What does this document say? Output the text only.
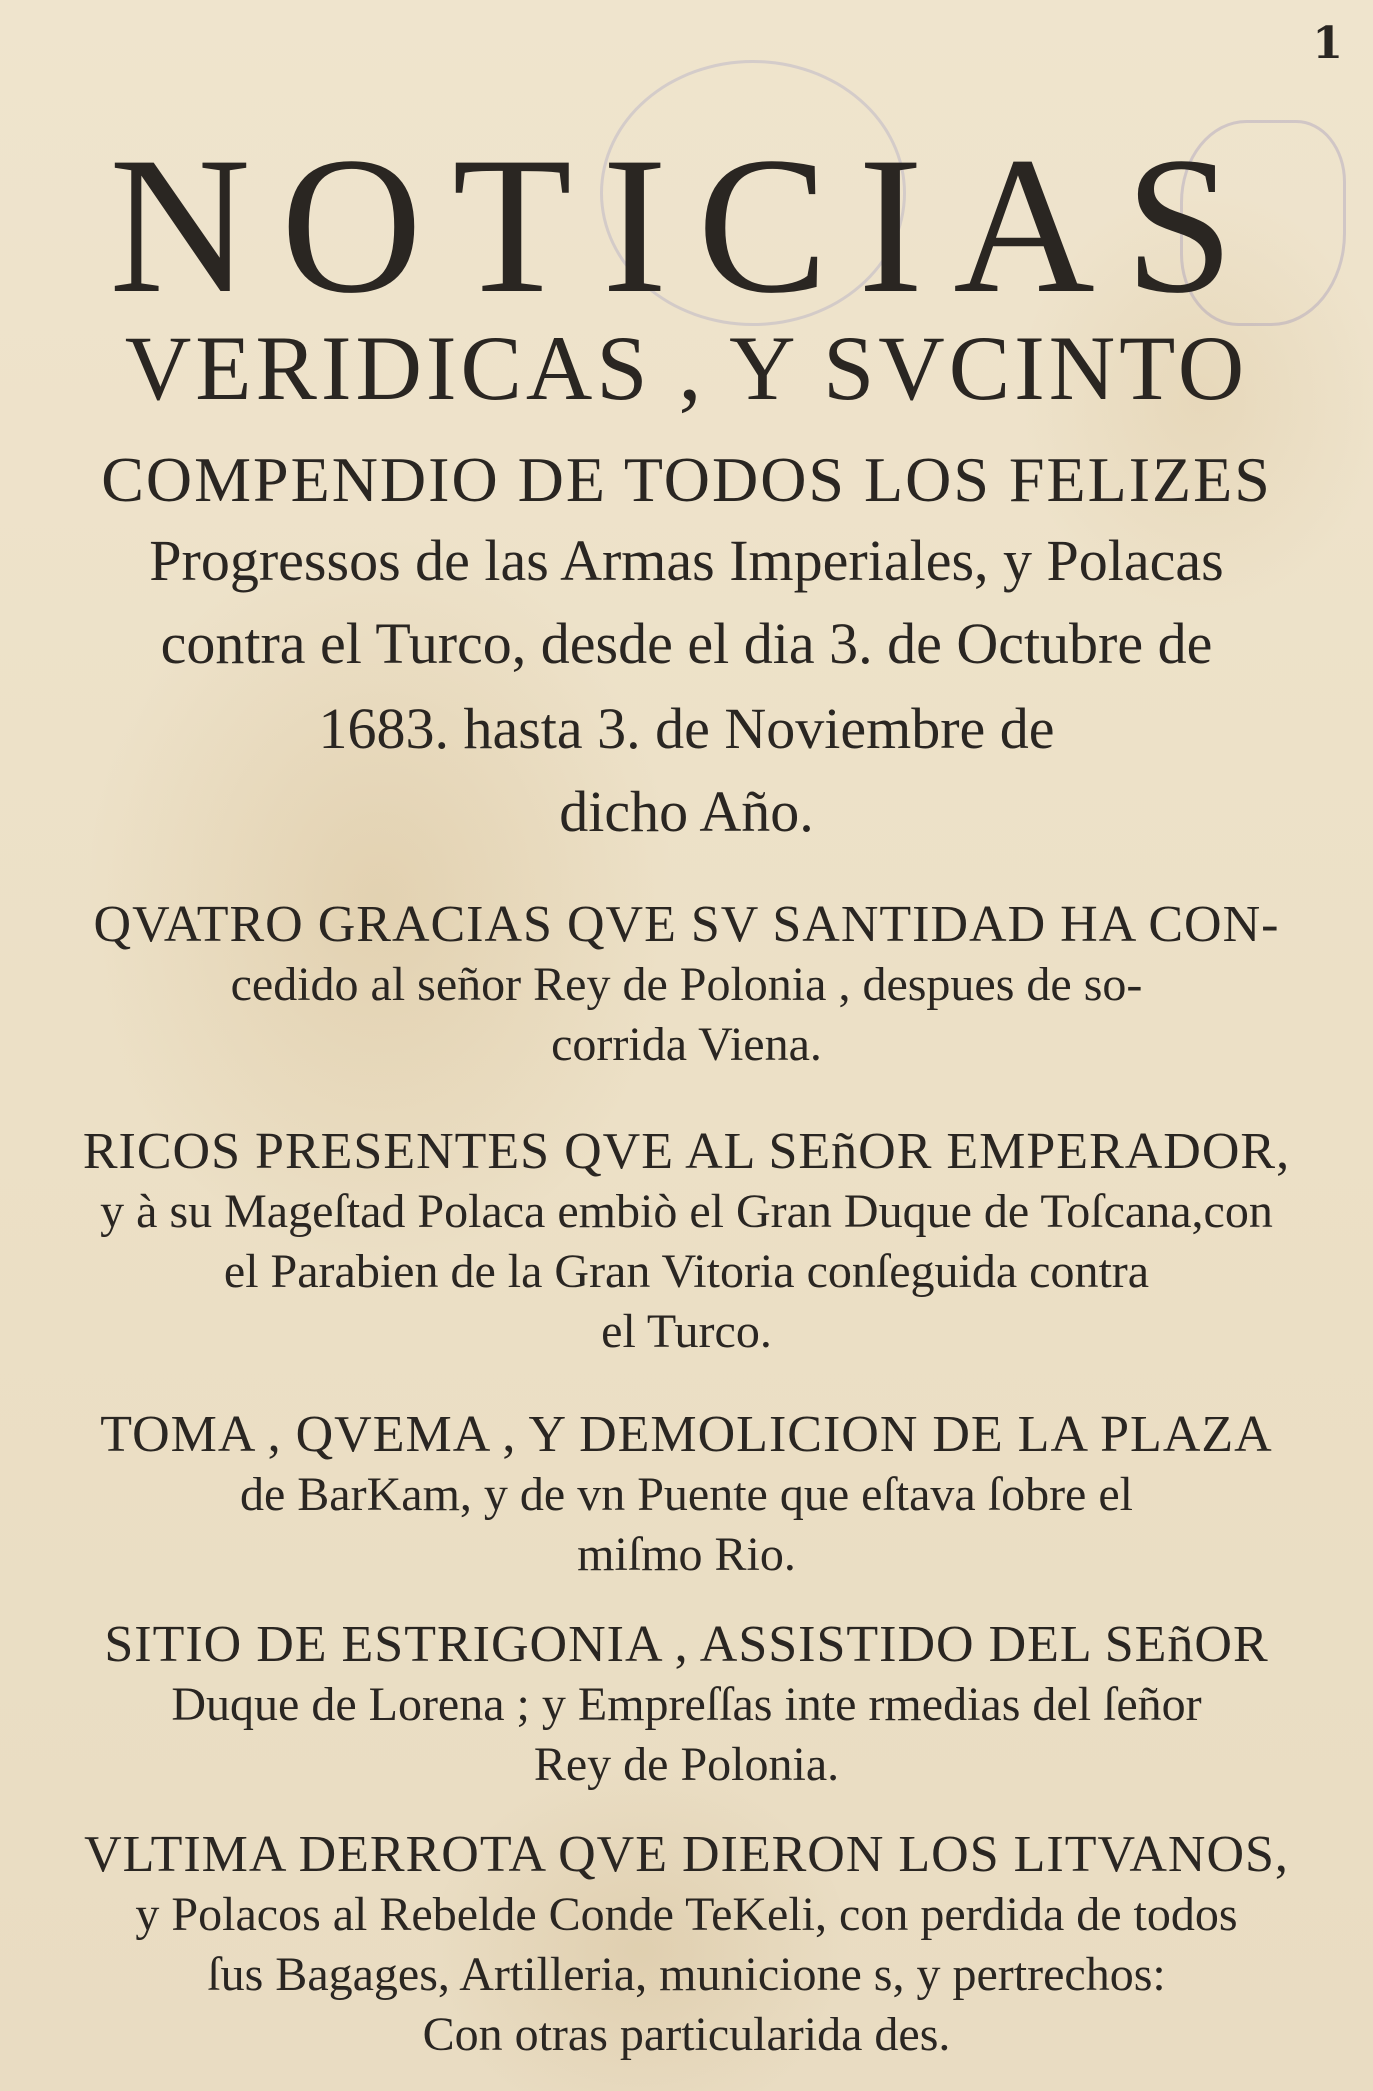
1
NOTICIAS
VERIDICAS , Y SVCINTO
COMPENDIO DE TODOS LOS FELIZES
Progressos de las Armas Imperiales, y Polacas
contra el Turco, desde el dia 3. de Octubre de
1683. hasta 3. de Noviembre de
dicho Año.
QVATRO GRACIAS QVE SV SANTIDAD HA CON-
cedido al señor Rey de Polonia , despues de so-
corrida Viena.
RICOS PRESENTES QVE AL SEñOR EMPERADOR,
y à su Mageſtad Polaca embiò el Gran Duque de Toſcana,con
el Parabien de la Gran Vitoria conſeguida contra
el Turco.
TOMA , QVEMA , Y DEMOLICION DE LA PLAZA
de BarKam, y de vn Puente que eſtava ſobre el
miſmo Rio.
SITIO DE ESTRIGONIA , ASSISTIDO DEL SEñOR
Duque de Lorena ; y Empreſſas inte rmedias del ſeñor
Rey de Polonia.
VLTIMA DERROTA QVE DIERON LOS LITVANOS,
y Polacos al Rebelde Conde TeKeli, con perdida de todos
ſus Bagages, Artilleria, municione s, y pertrechos:
Con otras particularida des.
